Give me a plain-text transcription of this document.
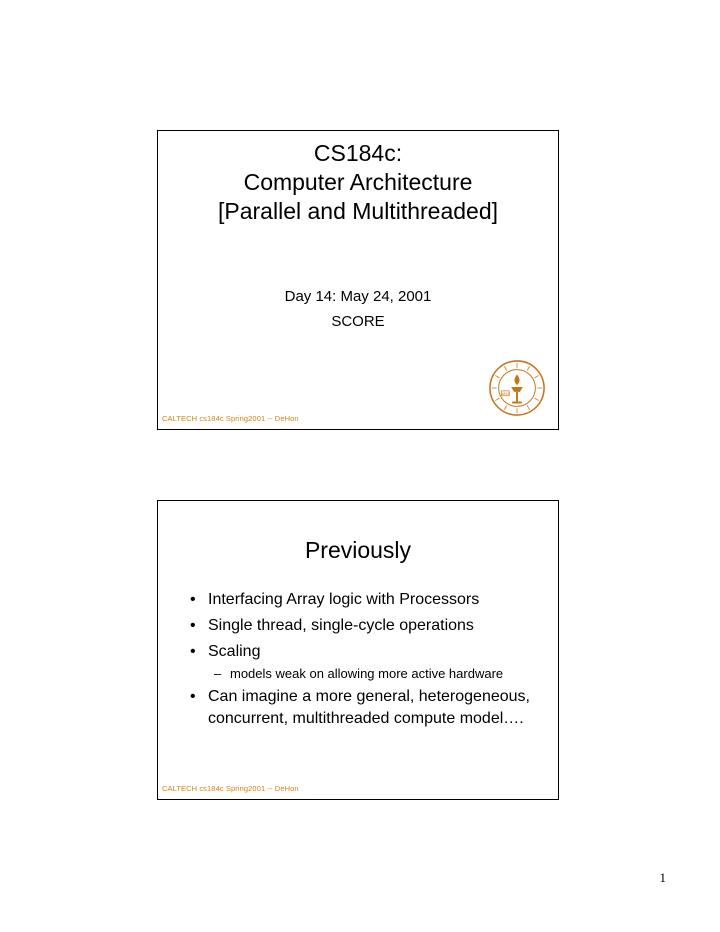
CS184c:
Computer Architecture
[Parallel and Multithreaded]
Day 14: May 24, 2001
SCORE
1891
CALTECH cs184c Spring2001 -- DeHon
Previously
• Interfacing Array logic with Processors
• Single thread, single-cycle operations
• Scaling
– models weak on allowing more active hardware
• Can imagine a more general, heterogeneous, concurrent, multithreaded compute model….
CALTECH cs184c Spring2001 -- DeHon
1
